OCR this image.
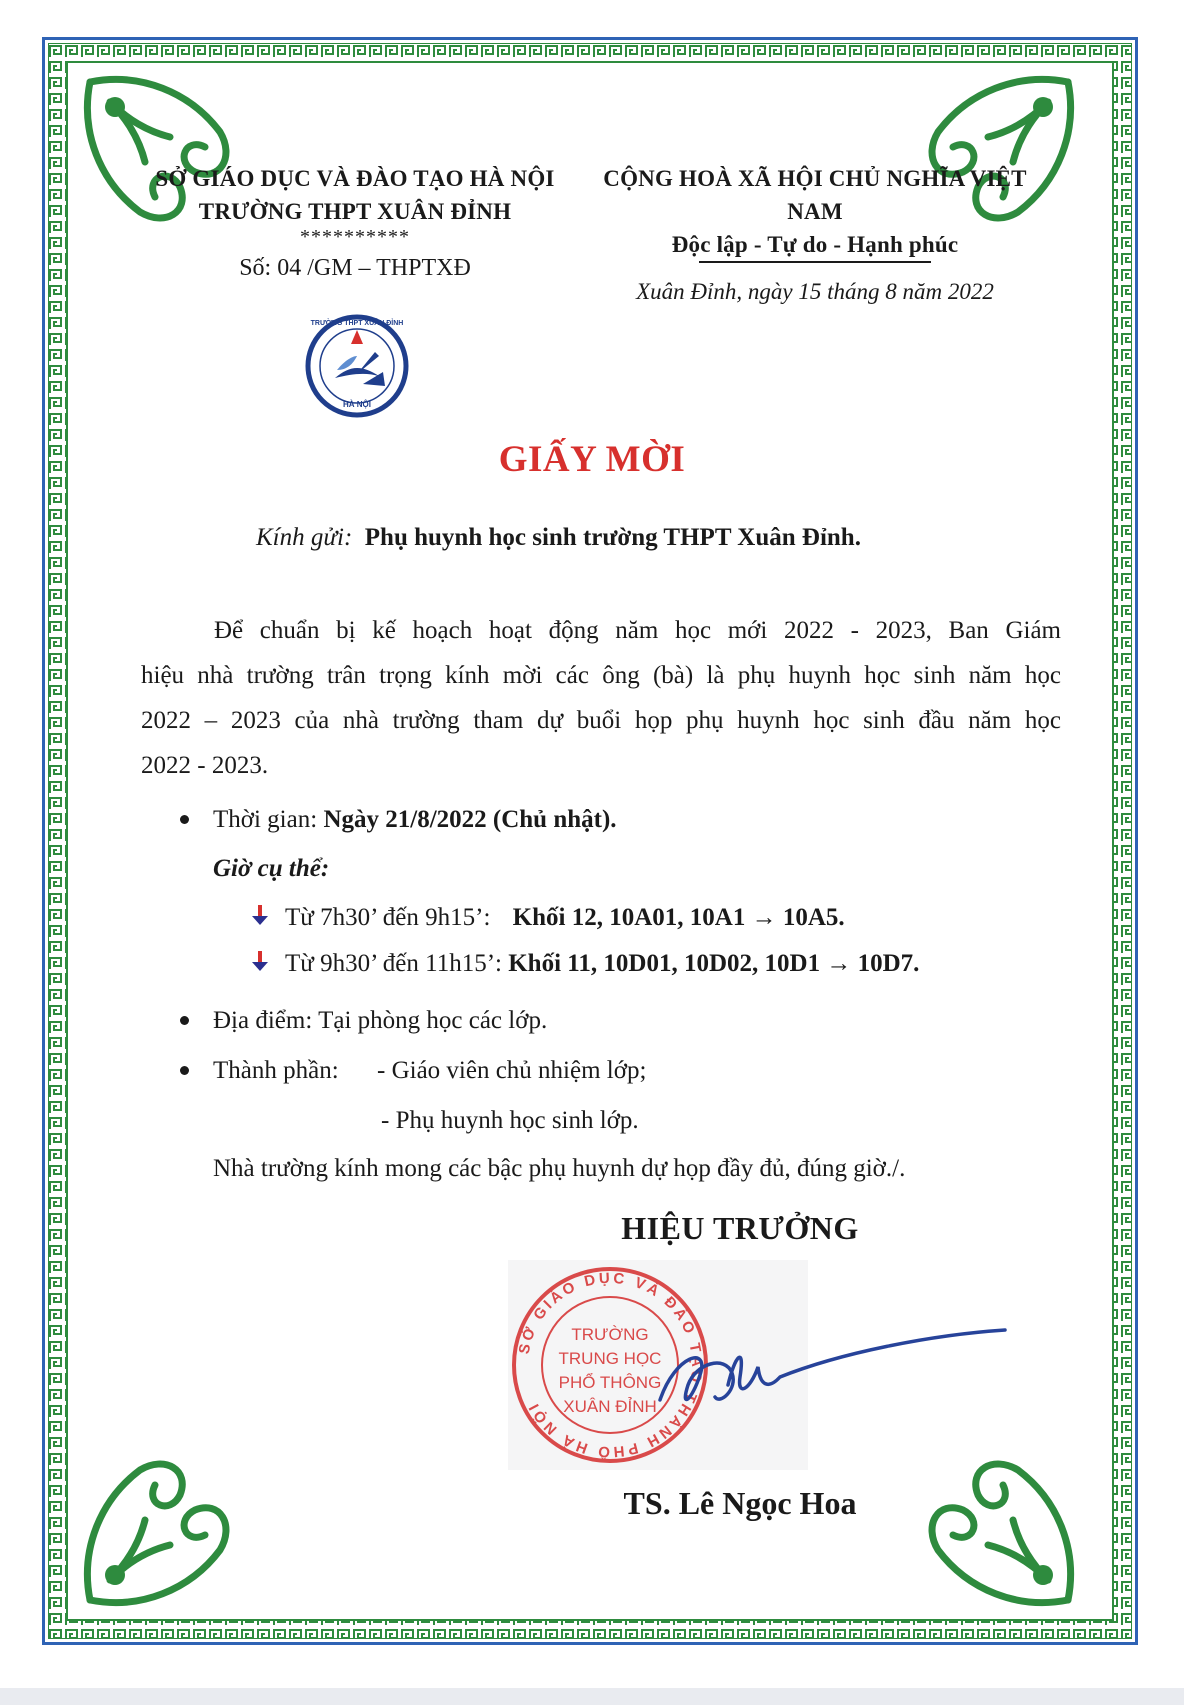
SỞ GIÁO DỤC VÀ ĐÀO TẠO HÀ NỘI
TRƯỜNG THPT XUÂN ĐỈNH
**********
Số: 04 /GM – THPTXĐ
CỘNG HOÀ XÃ HỘI CHỦ NGHĨA VIỆT NAM
Độc lập - Tự do - Hạnh phúc
Xuân Đỉnh, ngày 15 tháng 8 năm 2022
TRƯỜNG THPT XUÂN ĐỈNH
HÀ NỘI
GIẤY MỜI
Kính gửi: Phụ huynh học sinh trường THPT Xuân Đỉnh.
Để chuẩn bị kế hoạch hoạt động năm học mới 2022 - 2023, Ban Giám
hiệu nhà trường trân trọng kính mời các ông (bà) là phụ huynh học sinh năm học
2022 – 2023 của nhà trường tham dự buổi họp phụ huynh học sinh đầu năm học
2022 - 2023.
Thời gian: Ngày 21/8/2022 (Chủ nhật).
Giờ cụ thể:
Từ 7h30’ đến 9h15’: Khối 12, 10A01, 10A1 → 10A5.
Từ 9h30’ đến 11h15’: Khối 11, 10D01, 10D02, 10D1 → 10D7.
Địa điểm: Tại phòng học các lớp.
Thành phần: - Giáo viên chủ nhiệm lớp;
- Phụ huynh học sinh lớp.
Nhà trường kính mong các bậc phụ huynh dự họp đầy đủ, đúng giờ./.
HIỆU TRƯỞNG
SỞ GIÁO DỤC VÀ ĐÀO TẠO THÀNH PHỐ HÀ NỘI
TRƯỜNG
TRUNG HỌC
PHỔ THÔNG
XUÂN ĐỈNH
TS. Lê Ngọc Hoa
